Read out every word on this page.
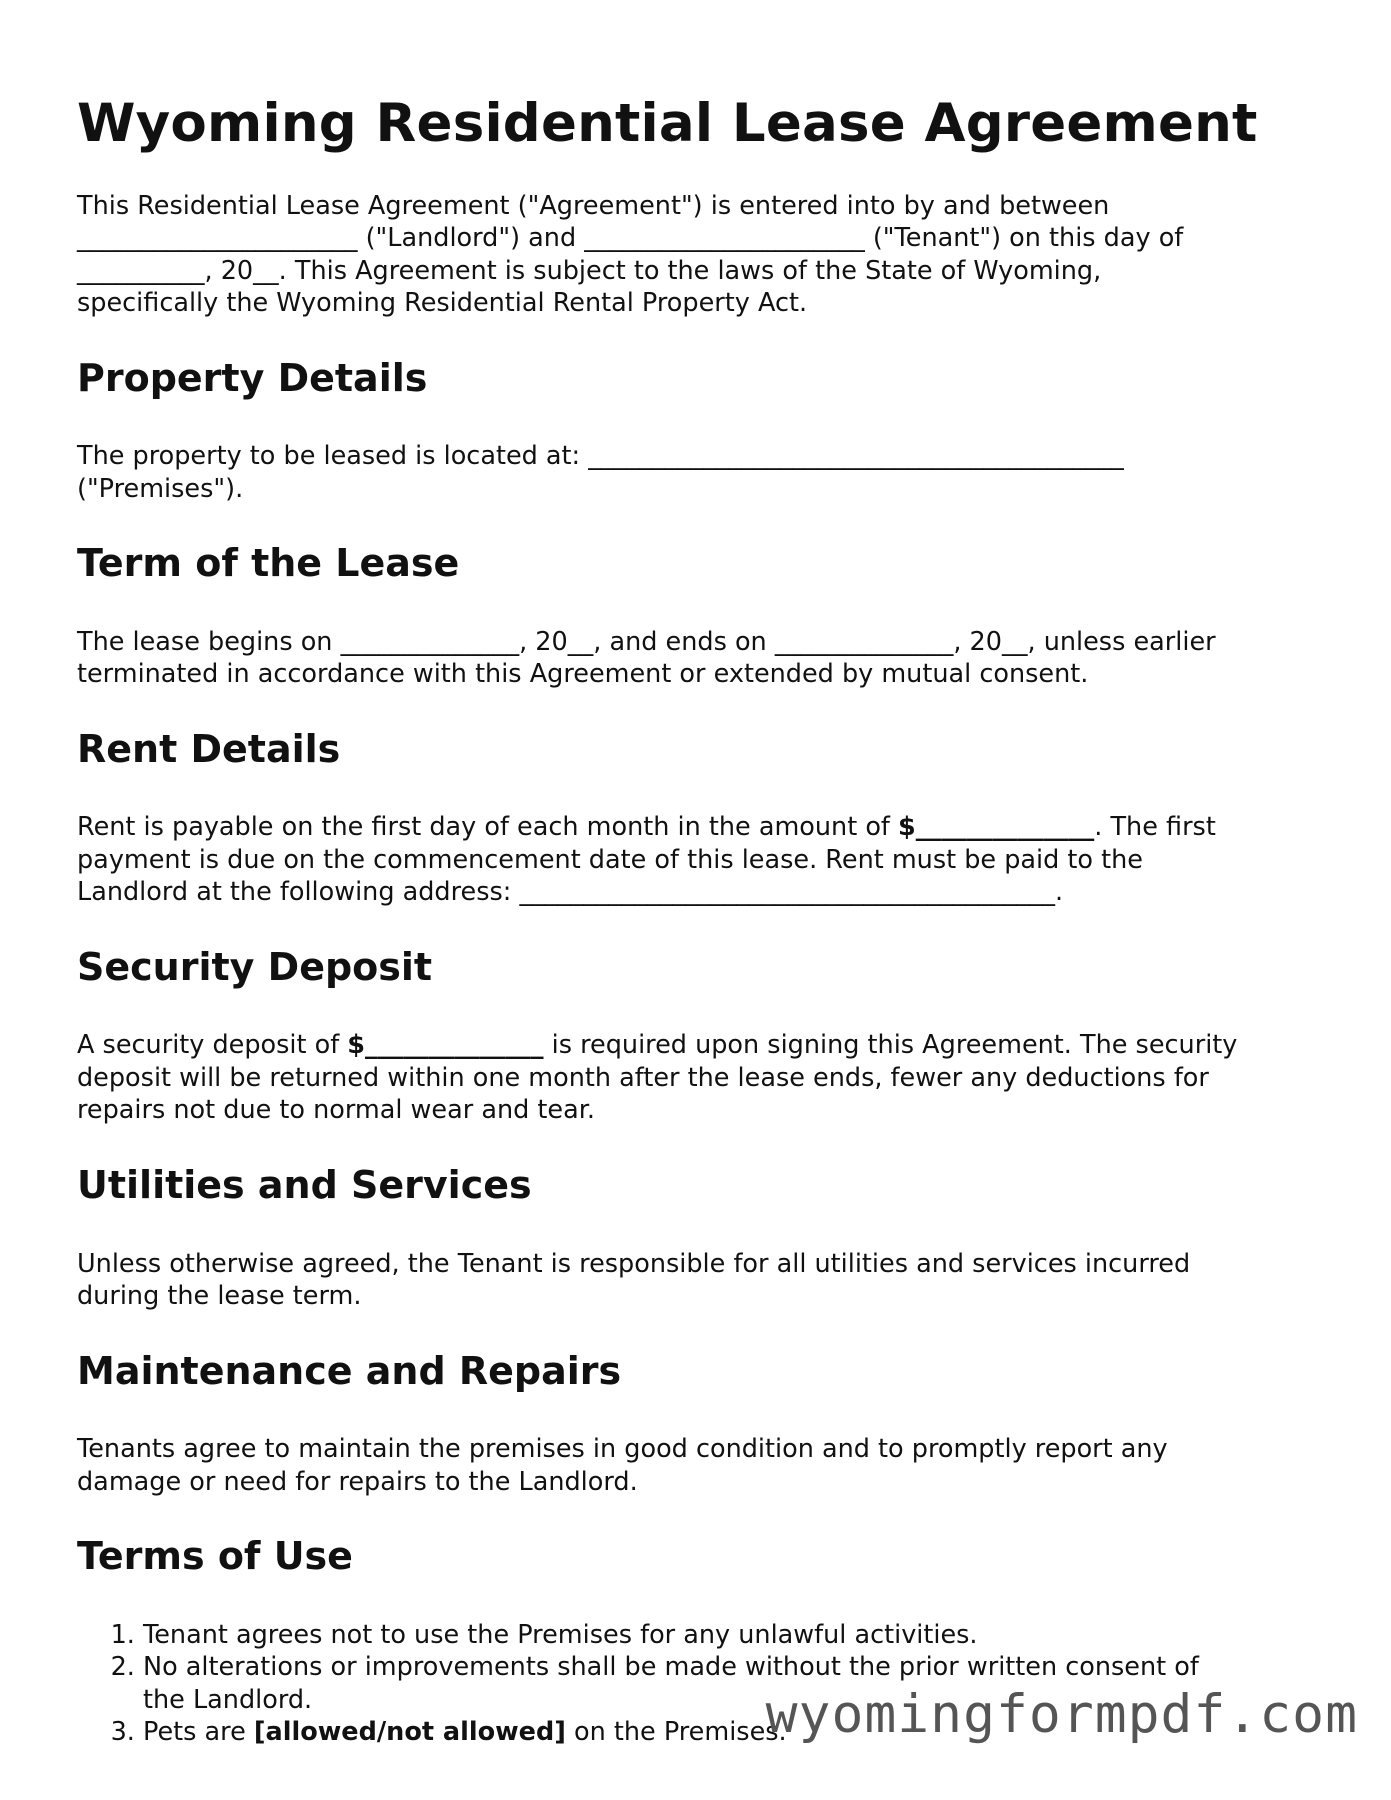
Wyoming Residential Lease Agreement

This Residential Lease Agreement ("Agreement") is entered into by and between
______________________ ("Landlord") and ______________________ ("Tenant") on this day of
__________, 20__. This Agreement is subject to the laws of the State of Wyoming,
specifically the Wyoming Residential Rental Property Act.

Property Details

The property to be leased is located at: __________________________________________
("Premises").

Term of the Lease

The lease begins on ______________, 20__, and ends on ______________, 20__, unless earlier
terminated in accordance with this Agreement or extended by mutual consent.

Rent Details

Rent is payable on the first day of each month in the amount of $______________. The first
payment is due on the commencement date of this lease. Rent must be paid to the
Landlord at the following address: __________________________________________.

Security Deposit

A security deposit of $______________ is required upon signing this Agreement. The security
deposit will be returned within one month after the lease ends, fewer any deductions for
repairs not due to normal wear and tear.

Utilities and Services

Unless otherwise agreed, the Tenant is responsible for all utilities and services incurred
during the lease term.

Maintenance and Repairs

Tenants agree to maintain the premises in good condition and to promptly report any
damage or need for repairs to the Landlord.

Terms of Use
1. Tenant agrees not to use the Premises for any unlawful activities.
2. No alterations or improvements shall be made without the prior written consent of
the Landlord.
3. Pets are [allowed/not allowed] on the Premises.
wyomingformpdf.com
